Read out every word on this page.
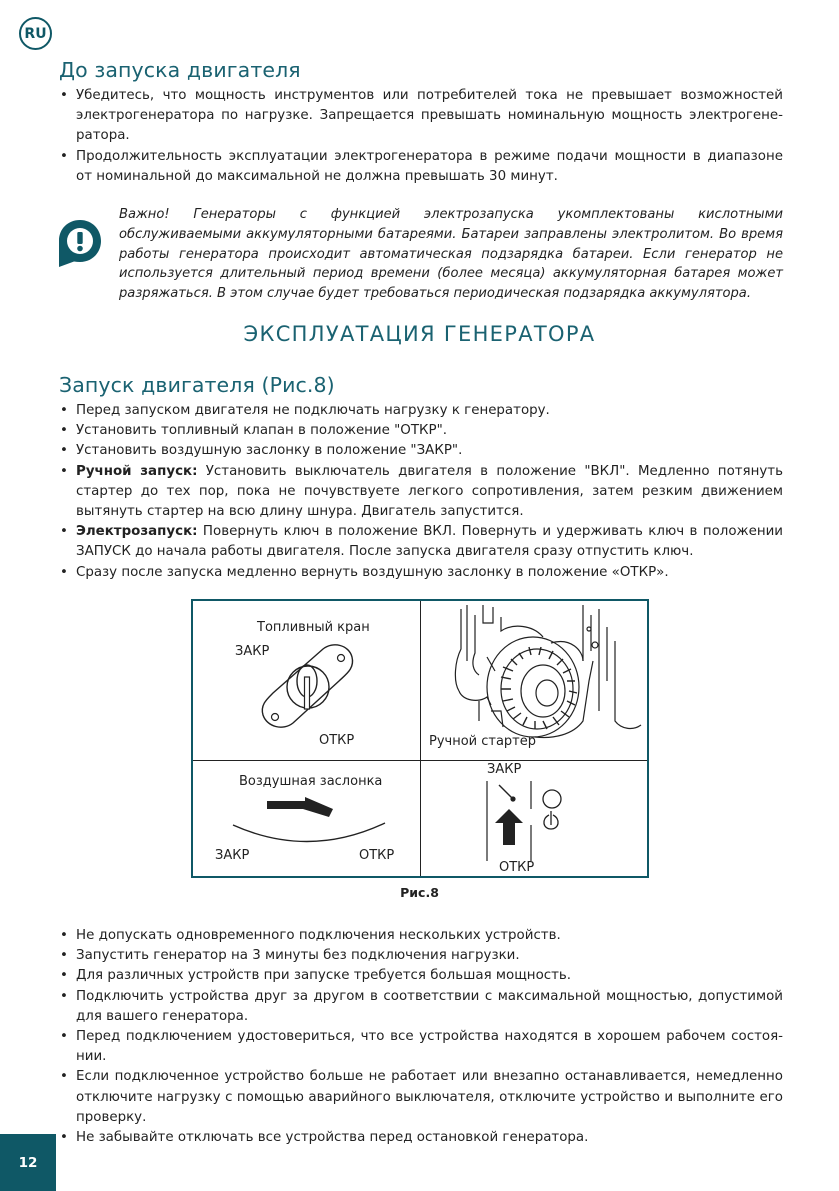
RU
До запуска двигателя
• Убедитесь, что мощность инструментов или потребителей тока не превышает возможностей электрогенератора по нагрузке. Запрещается превышать номинальную мощность электрогенератора.
• Продолжительность эксплуатации электрогенератора в режиме подачи мощности в диапазоне от номинальной до максимальной не должна превышать 30 минут.
Важно! Генераторы с функцией электрозапуска укомплектованы кислотными обслуживаемыми аккумуляторными батареями. Батареи заправлены электролитом. Во время работы генератора происходит автоматическая подзарядка батареи. Если генератор не используется длительный период времени (более месяца) аккумуляторная батарея может разряжаться. В этом случае будет требоваться периодическая подзарядка аккумулятора.
ЭКСПЛУАТАЦИЯ ГЕНЕРАТОРА
Запуск двигателя (Рис.8)
• Перед запуском двигателя не подключать нагрузку к генератору.
• Установить топливный клапан в положение "ОТКР".
• Установить воздушную заслонку в положение "ЗАКР".
• Ручной запуск: Установить выключатель двигателя в положение "ВКЛ". Медленно потянуть стартер до тех пор, пока не почувствуете легкого сопротивления, затем резким движением вытянуть стартер на всю длину шнура. Двигатель запустится.
• Электрозапуск: Повернуть ключ в положение ВКЛ. Повернуть и удерживать ключ в положении ЗАПУСК до начала работы двигателя. После запуска двигателя сразу отпустить ключ.
• Сразу после запуска медленно вернуть воздушную заслонку в положение «ОТКР».
Топливный кран
ЗАКР
ОТКР	Ручной стартер
Воздушная заслонка
ЗАКР	ОТКР
ЗАКР
ОТКР
Рис.8
• Не допускать одновременного подключения нескольких устройств.
• Запустить генератор на 3 минуты без подключения нагрузки.
• Для различных устройств при запуске требуется большая мощность.
• Подключить устройства друг за другом в соответствии с максимальной мощностью, допустимой для вашего генератора.
• Перед подключением удостовериться, что все устройства находятся в хорошем рабочем состоянии.
• Если подключенное устройство больше не работает или внезапно останавливается, немедленно отключите нагрузку с помощью аварийного выключателя, отключите устройство и выполните его проверку.
• Не забывайте отключать все устройства перед остановкой генератора.
12
